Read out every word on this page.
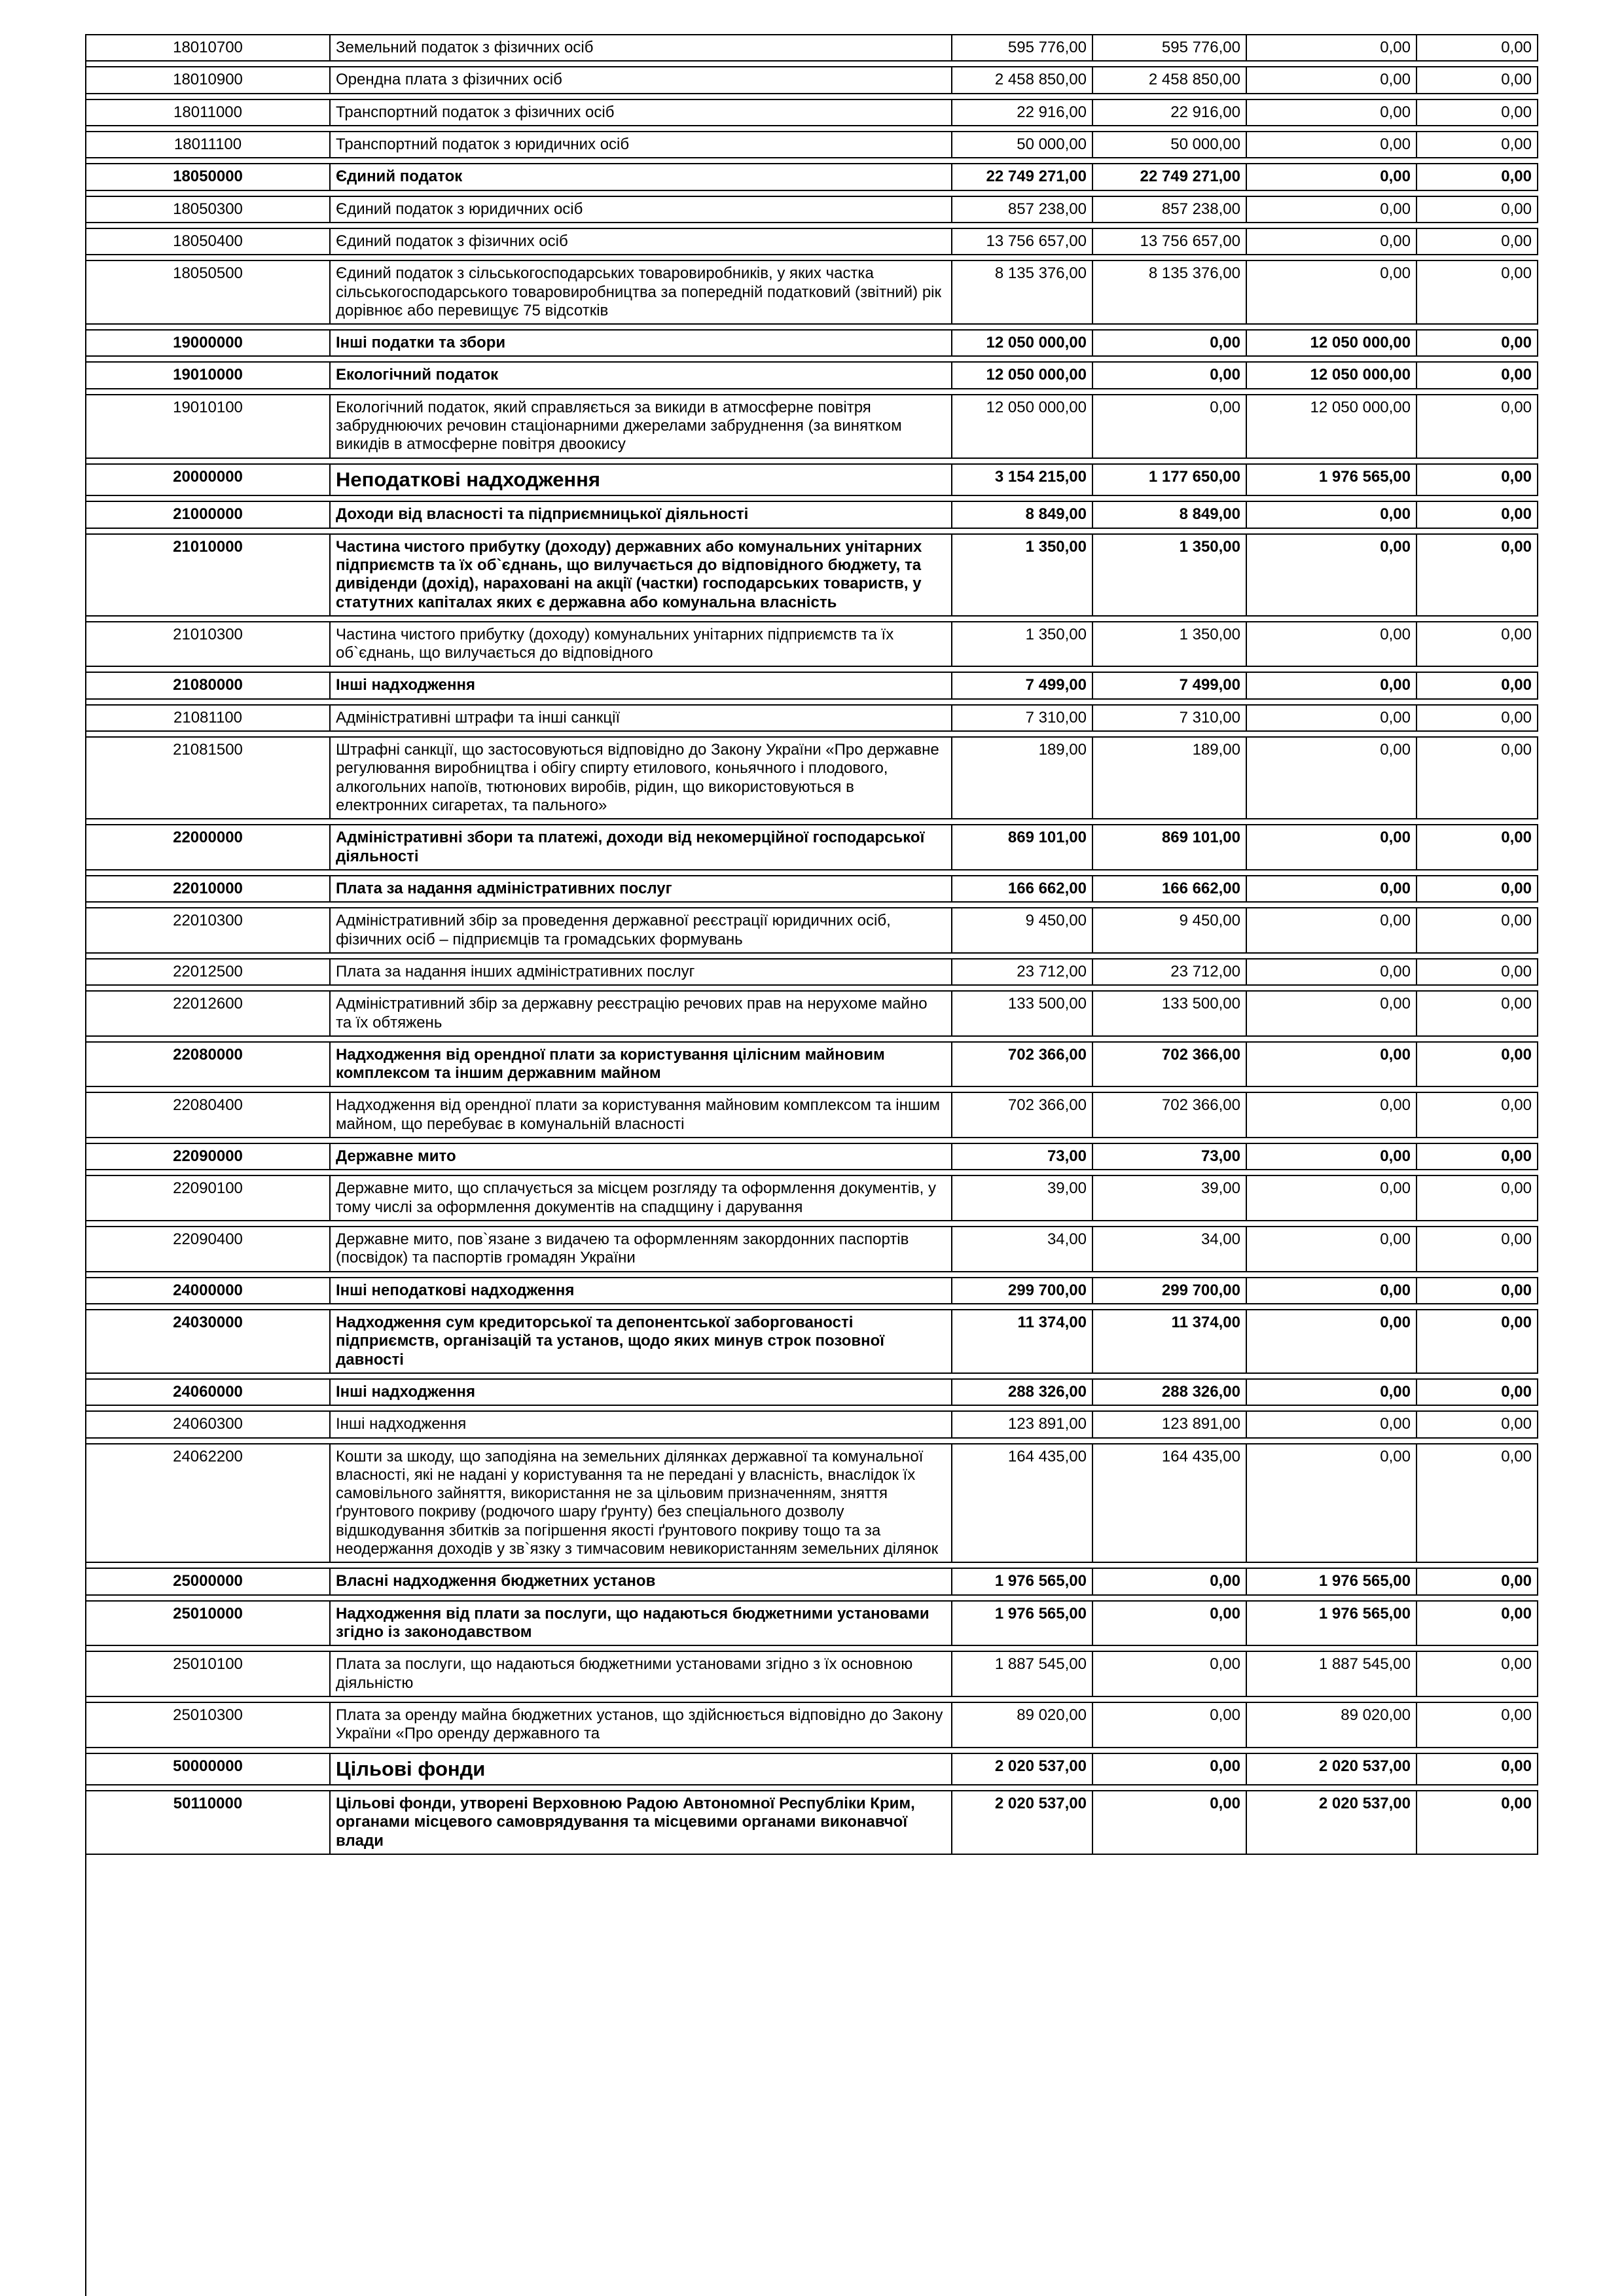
18010700	Земельний податок з фізичних осіб	595 776,00	595 776,00	0,00	0,00
18010900	Орендна плата з фізичних осіб	2 458 850,00	2 458 850,00	0,00	0,00
18011000	Транспортний податок з фізичних осіб	22 916,00	22 916,00	0,00	0,00
18011100	Транспортний податок з юридичних осіб	50 000,00	50 000,00	0,00	0,00
18050000	Єдиний податок	22 749 271,00	22 749 271,00	0,00	0,00
18050300	Єдиний податок з юридичних осіб	857 238,00	857 238,00	0,00	0,00
18050400	Єдиний податок з фізичних осіб	13 756 657,00	13 756 657,00	0,00	0,00
18050500	Єдиний податок з сільськогосподарських товаровиробників, у яких частка сільськогосподарського товаровиробництва за попередній податковий (звітний) рік дорівнює або перевищує 75 відсотків	8 135 376,00	8 135 376,00	0,00	0,00
19000000	Інші податки та збори	12 050 000,00	0,00	12 050 000,00	0,00
19010000	Екологічний податок	12 050 000,00	0,00	12 050 000,00	0,00
19010100	Екологічний податок, який справляється за викиди в атмосферне повітря забруднюючих речовин стаціонарними джерелами забруднення (за винятком викидів в атмосферне повітря двоокису	12 050 000,00	0,00	12 050 000,00	0,00
20000000	Неподаткові надходження	3 154 215,00	1 177 650,00	1 976 565,00	0,00
21000000	Доходи від власності та підприємницької діяльності	8 849,00	8 849,00	0,00	0,00
21010000	Частина чистого прибутку (доходу) державних або комунальних унітарних підприємств та їх об`єднань, що вилучається до відповідного бюджету, та дивіденди (дохід), нараховані на акції (частки) господарських товариств, у статутних капіталах яких є державна або комунальна власність	1 350,00	1 350,00	0,00	0,00
21010300	Частина чистого прибутку (доходу) комунальних унітарних підприємств та їх об`єднань, що вилучається до відповідного	1 350,00	1 350,00	0,00	0,00
21080000	Інші надходження	7 499,00	7 499,00	0,00	0,00
21081100	Адміністративні штрафи та інші санкції	7 310,00	7 310,00	0,00	0,00
21081500	Штрафні санкції, що застосовуються відповідно до Закону України «Про державне регулювання виробництва і обігу спирту етилового, коньячного і плодового, алкогольних напоїв, тютюнових виробів, рідин, що використовуються в електронних сигаретах, та пального»	189,00	189,00	0,00	0,00
22000000	Адміністративні збори та платежі, доходи від некомерційної господарської діяльності	869 101,00	869 101,00	0,00	0,00
22010000	Плата за надання адміністративних послуг	166 662,00	166 662,00	0,00	0,00
22010300	Адміністративний збір за проведення державної реєстрації юридичних осіб, фізичних осіб – підприємців та громадських формувань	9 450,00	9 450,00	0,00	0,00
22012500	Плата за надання інших адміністративних послуг	23 712,00	23 712,00	0,00	0,00
22012600	Адміністративний збір за державну реєстрацію речових прав на нерухоме майно та їх обтяжень	133 500,00	133 500,00	0,00	0,00
22080000	Надходження від орендної плати за користування цілісним майновим комплексом та іншим державним майном	702 366,00	702 366,00	0,00	0,00
22080400	Надходження від орендної плати за користування майновим комплексом та іншим майном, що перебуває в комунальній власності	702 366,00	702 366,00	0,00	0,00
22090000	Державне мито	73,00	73,00	0,00	0,00
22090100	Державне мито, що сплачується за місцем розгляду та оформлення документів, у тому числі за оформлення документів на спадщину і дарування	39,00	39,00	0,00	0,00
22090400	Державне мито, пов`язане з видачею та оформленням закордонних паспортів (посвідок) та паспортів громадян України	34,00	34,00	0,00	0,00
24000000	Інші неподаткові надходження	299 700,00	299 700,00	0,00	0,00
24030000	Надходження сум кредиторської та депонентської заборгованості підприємств, організацій та установ, щодо яких минув строк позовної давності	11 374,00	11 374,00	0,00	0,00
24060000	Інші надходження	288 326,00	288 326,00	0,00	0,00
24060300	Інші надходження	123 891,00	123 891,00	0,00	0,00
24062200	Кошти за шкоду, що заподіяна на земельних ділянках державної та комунальної власності, які не надані у користування та не передані у власність, внаслідок їх самовільного зайняття, використання не за цільовим призначенням, зняття ґрунтового покриву (родючого шару ґрунту) без спеціального дозволу відшкодування збитків за погіршення якості ґрунтового покриву тощо та за неодержання доходів у зв`язку з тимчасовим невикористанням земельних ділянок	164 435,00	164 435,00	0,00	0,00
25000000	Власні надходження бюджетних установ	1 976 565,00	0,00	1 976 565,00	0,00
25010000	Надходження від плати за послуги, що надаються бюджетними установами згідно із законодавством	1 976 565,00	0,00	1 976 565,00	0,00
25010100	Плата за послуги, що надаються бюджетними установами згідно з їх основною діяльністю	1 887 545,00	0,00	1 887 545,00	0,00
25010300	Плата за оренду майна бюджетних установ, що здійснюється відповідно до Закону України «Про оренду державного та	89 020,00	0,00	89 020,00	0,00
50000000	Цільові фонди	2 020 537,00	0,00	2 020 537,00	0,00
50110000	Цільові фонди, утворені Верховною Радою Автономної Республіки Крим, органами місцевого самоврядування та місцевими органами виконавчої влади	2 020 537,00	0,00	2 020 537,00	0,00
